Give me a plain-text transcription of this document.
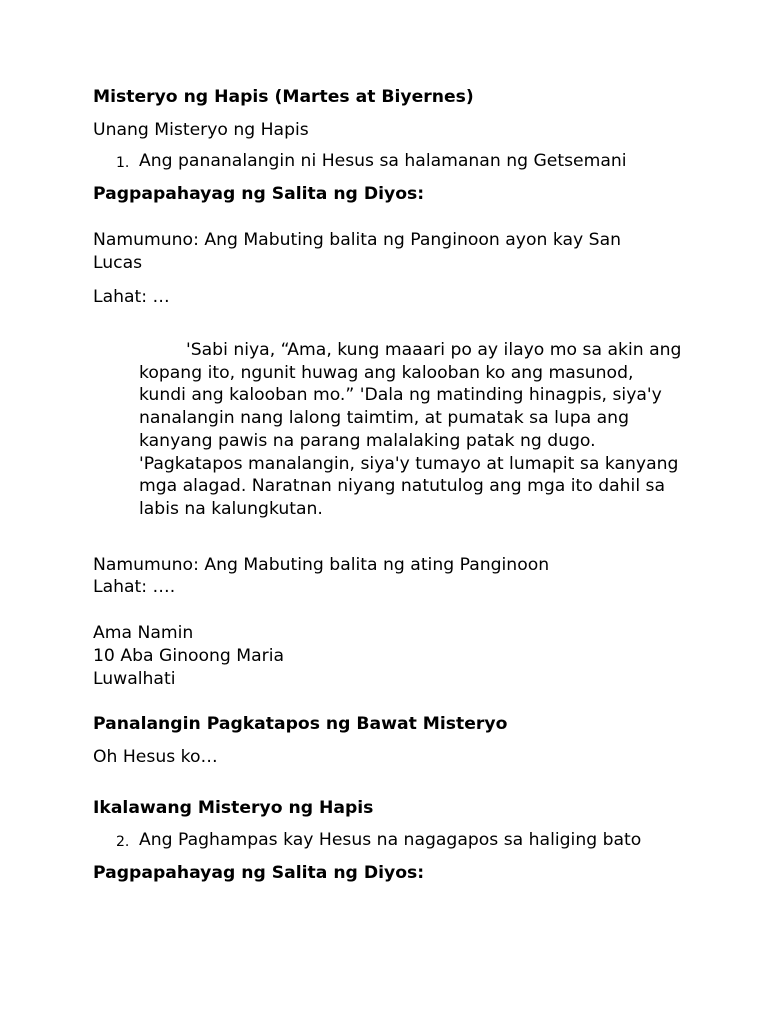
Misteryo ng Hapis (Martes at Biyernes)
Unang Misteryo ng Hapis
1. Ang pananalangin ni Hesus sa halamanan ng Getsemani
Pagpapahayag ng Salita ng Diyos:
Namumuno: Ang Mabuting balita ng Panginoon ayon kay San
Lucas
Lahat: …
'Sabi niya, “Ama, kung maaari po ay ilayo mo sa akin ang kopang ito, ngunit huwag ang kalooban ko ang masunod, kundi ang kalooban mo.” 'Dala ng matinding hinagpis, siya'y nanalangin nang lalong taimtim, at pumatak sa lupa ang kanyang pawis na parang malalaking patak ng dugo. 'Pagkatapos manalangin, siya'y tumayo at lumapit sa kanyang mga alagad. Naratnan niyang natutulog ang mga ito dahil sa labis na kalungkutan.
Namumuno: Ang Mabuting balita ng ating Panginoon
Lahat: ….
Ama Namin
10 Aba Ginoong Maria
Luwalhati
Panalangin Pagkatapos ng Bawat Misteryo
Oh Hesus ko…
Ikalawang Misteryo ng Hapis
2. Ang Paghampas kay Hesus na nagagapos sa haliging bato
Pagpapahayag ng Salita ng Diyos:
